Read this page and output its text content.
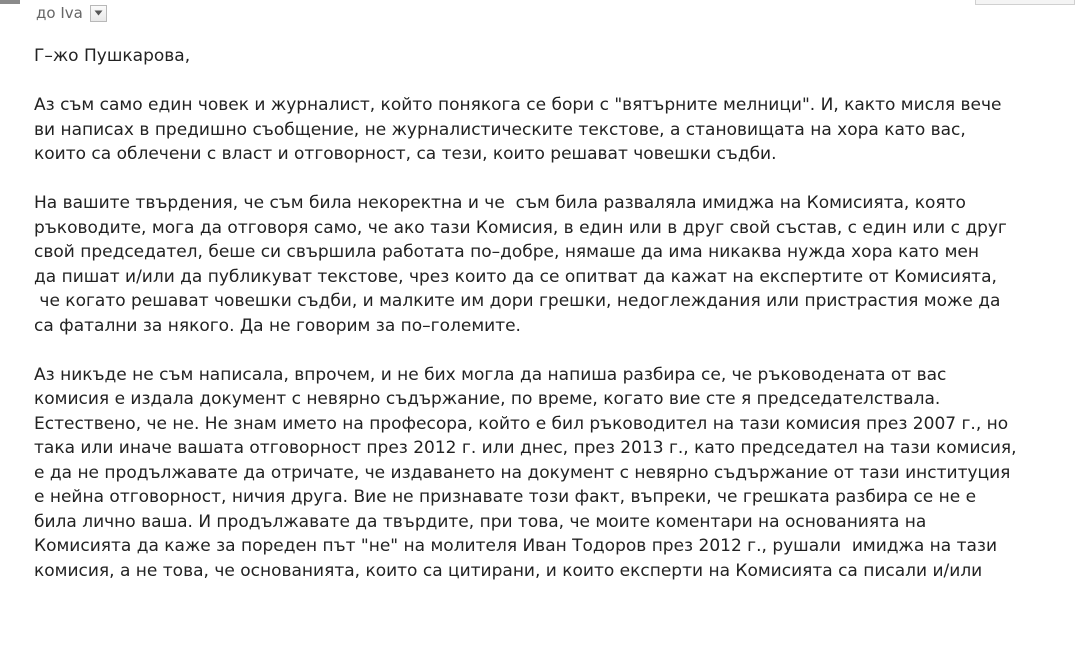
до Iva

Г–жо Пушкарова,

Аз съм само един човек и журналист, който понякога се бори с "вятърните мелници". И, както мисля вече
ви написах в предишно съобщение, не журналистическите текстове, а становищата на хора като вас,
които са облечени с власт и отговорност, са тези, които решават човешки съдби.
На вашите твърдения, че съм била некоректна и че  съм била разваляла имиджа на Комисията, която
ръководите, мога да отговоря само, че ако тази Комисия, в един или в друг свой състав, с един или с друг
свой председател, беше си свършила работата по–добре, нямаше да има никаква нужда хора като мен
да пишат и/или да публикуват текстове, чрез които да се опитват да кажат на експертите от Комисията,
че когато решават човешки съдби, и малките им дори грешки, недоглеждания или пристрастия може да
са фатални за някого. Да не говорим за по–големите.
Аз никъде не съм написала, впрочем, и не бих могла да напиша разбира се, че ръководената от вас
комисия е издала документ с невярно съдържание, по време, когато вие сте я председателствала.
Естествено, че не. Не знам името на професора, който е бил ръководител на тази комисия през 2007 г., но
така или иначе вашата отговорност през 2012 г. или днес, през 2013 г., като председател на тази комисия,
е да не продължавате да отричате, че издаването на документ с невярно съдържание от тази институция
е нейна отговорност, ничия друга. Вие не признавате този факт, въпреки, че грешката разбира се не е
била лично ваша. И продължавате да твърдите, при това, че моите коментари на основанията на
Комисията да каже за пореден път "не" на молителя Иван Тодоров през 2012 г., рушали  имиджа на тази
комисия, а не това, че основанията, които са цитирани, и които експерти на Комисията са писали и/или
